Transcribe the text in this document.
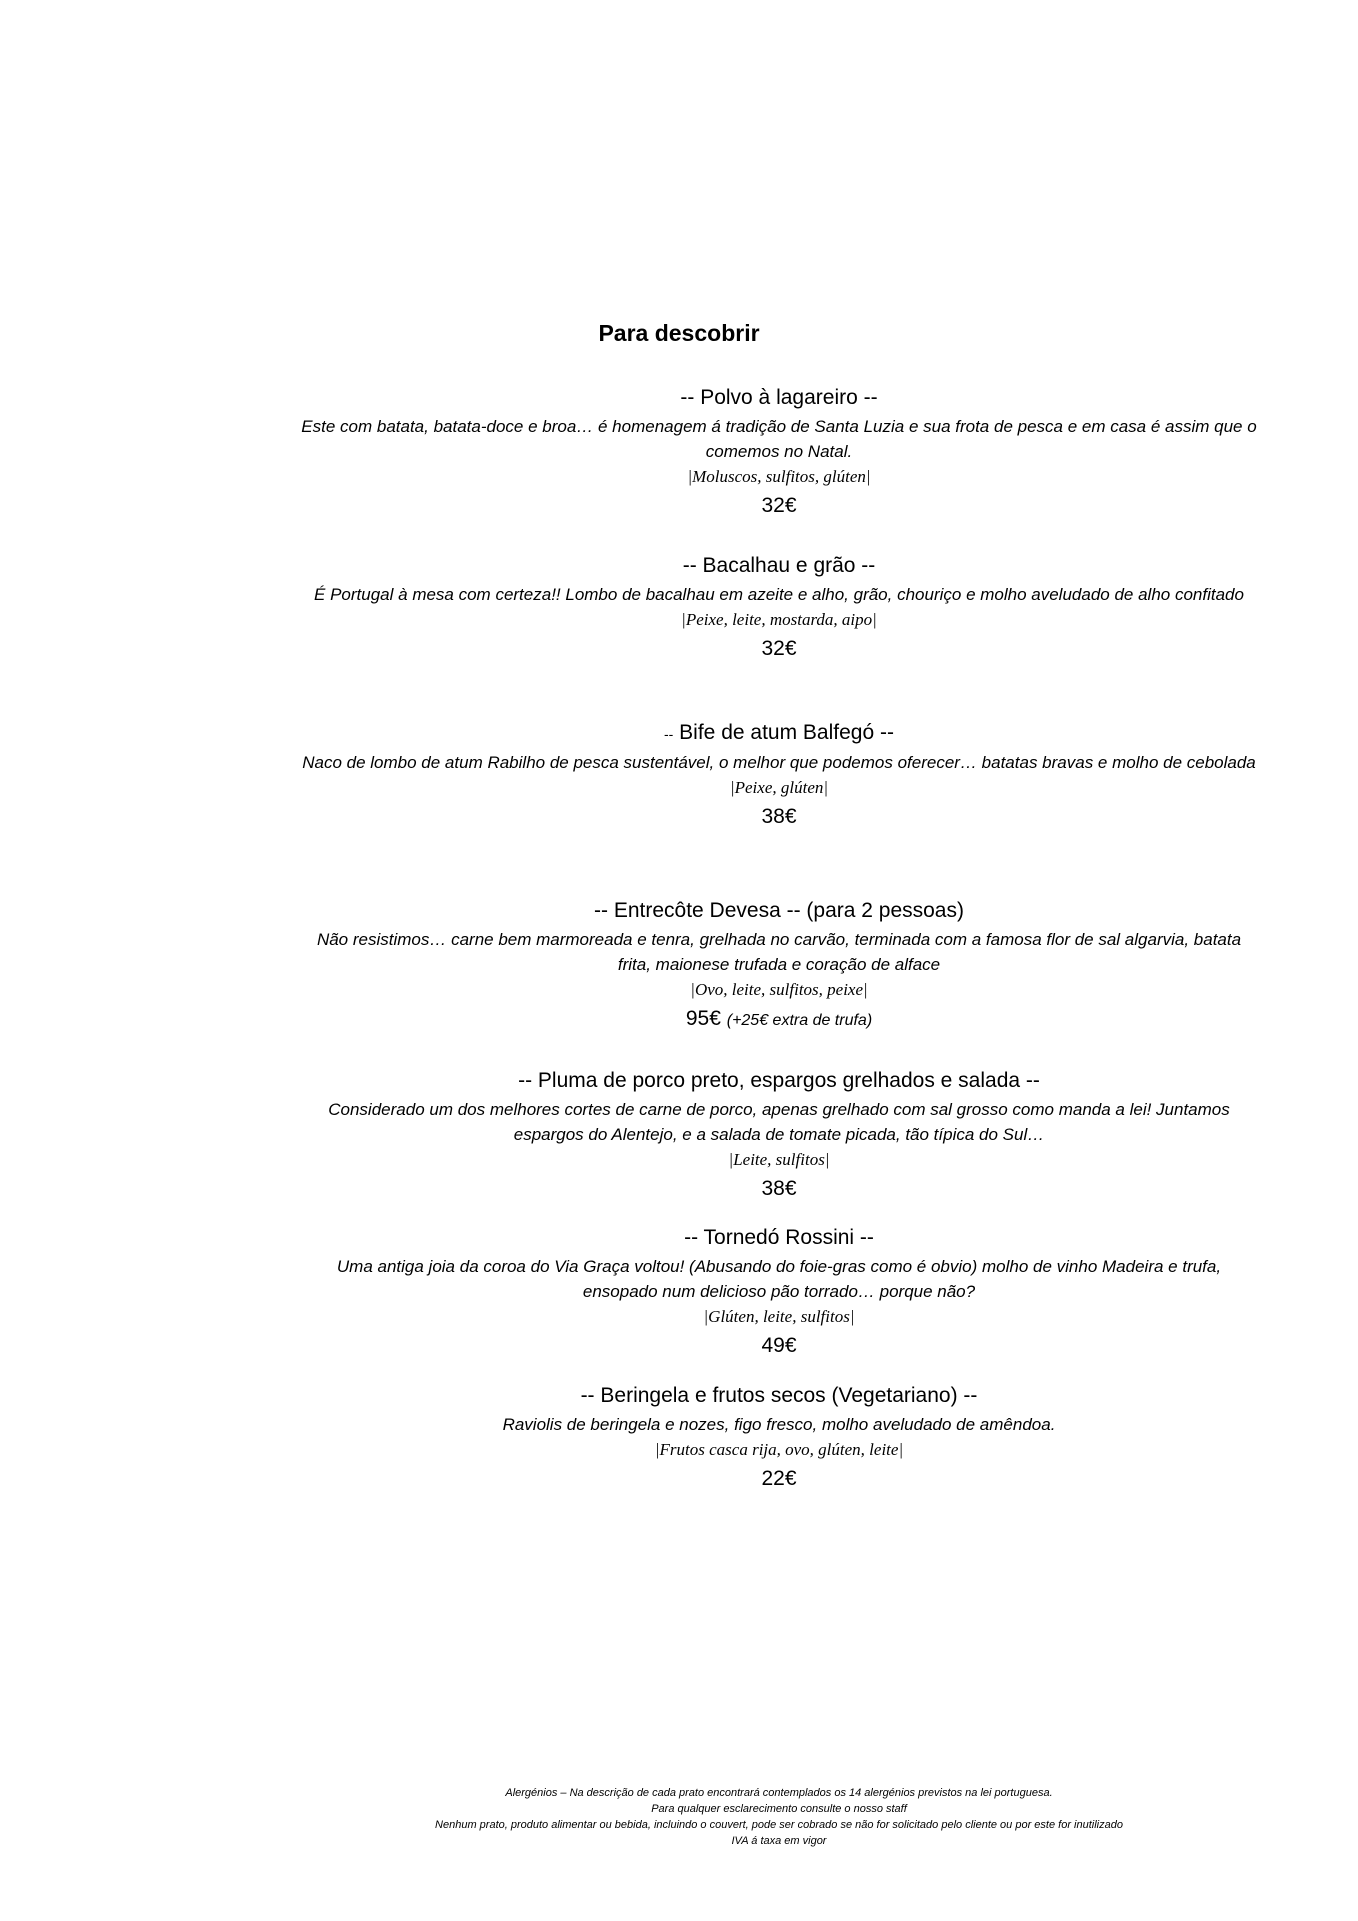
Para descobrir

-- Polvo à lagareiro --

Este com batata, batata-doce e broa… é homenagem á tradição de Santa Luzia e sua frota de pesca e em casa é assim que o comemos no Natal.

|Moluscos, sulfitos, glúten|

32€

-- Bacalhau e grão --

É Portugal à mesa com certeza!! Lombo de bacalhau em azeite e alho, grão, chouriço e molho aveludado de alho confitado

|Peixe, leite, mostarda, aipo|

32€

-- Bife de atum Balfegó --

Naco de lombo de atum Rabilho de pesca sustentável, o melhor que podemos oferecer… batatas bravas e molho de cebolada

|Peixe, glúten|

38€

-- Entrecôte Devesa -- (para 2 pessoas)

Não resistimos… carne bem marmoreada e tenra, grelhada no carvão, terminada com a famosa flor de sal algarvia, batata frita, maionese trufada e coração de alface

|Ovo, leite, sulfitos, peixe|

95€ (+25€ extra de trufa)

-- Pluma de porco preto, espargos grelhados e salada --

Considerado um dos melhores cortes de carne de porco, apenas grelhado com sal grosso como manda a lei! Juntamos espargos do Alentejo, e a salada de tomate picada, tão típica do Sul…

|Leite, sulfitos|

38€

-- Tornedó Rossini --

Uma antiga joia da coroa do Via Graça voltou! (Abusando do foie-gras como é obvio) molho de vinho Madeira e trufa, ensopado num delicioso pão torrado… porque não?

|Glúten, leite, sulfitos|

49€

-- Beringela e frutos secos (Vegetariano) --

Raviolis de beringela e nozes, figo fresco, molho aveludado de amêndoa.

|Frutos casca rija, ovo, glúten, leite|

22€

Alergénios – Na descrição de cada prato encontrará contemplados os 14 alergénios previstos na lei portuguesa.

Para qualquer esclarecimento consulte o nosso staff

Nenhum prato, produto alimentar ou bebida, incluindo o couvert, pode ser cobrado se não for solicitado pelo cliente ou por este for inutilizado

IVA á taxa em vigor
